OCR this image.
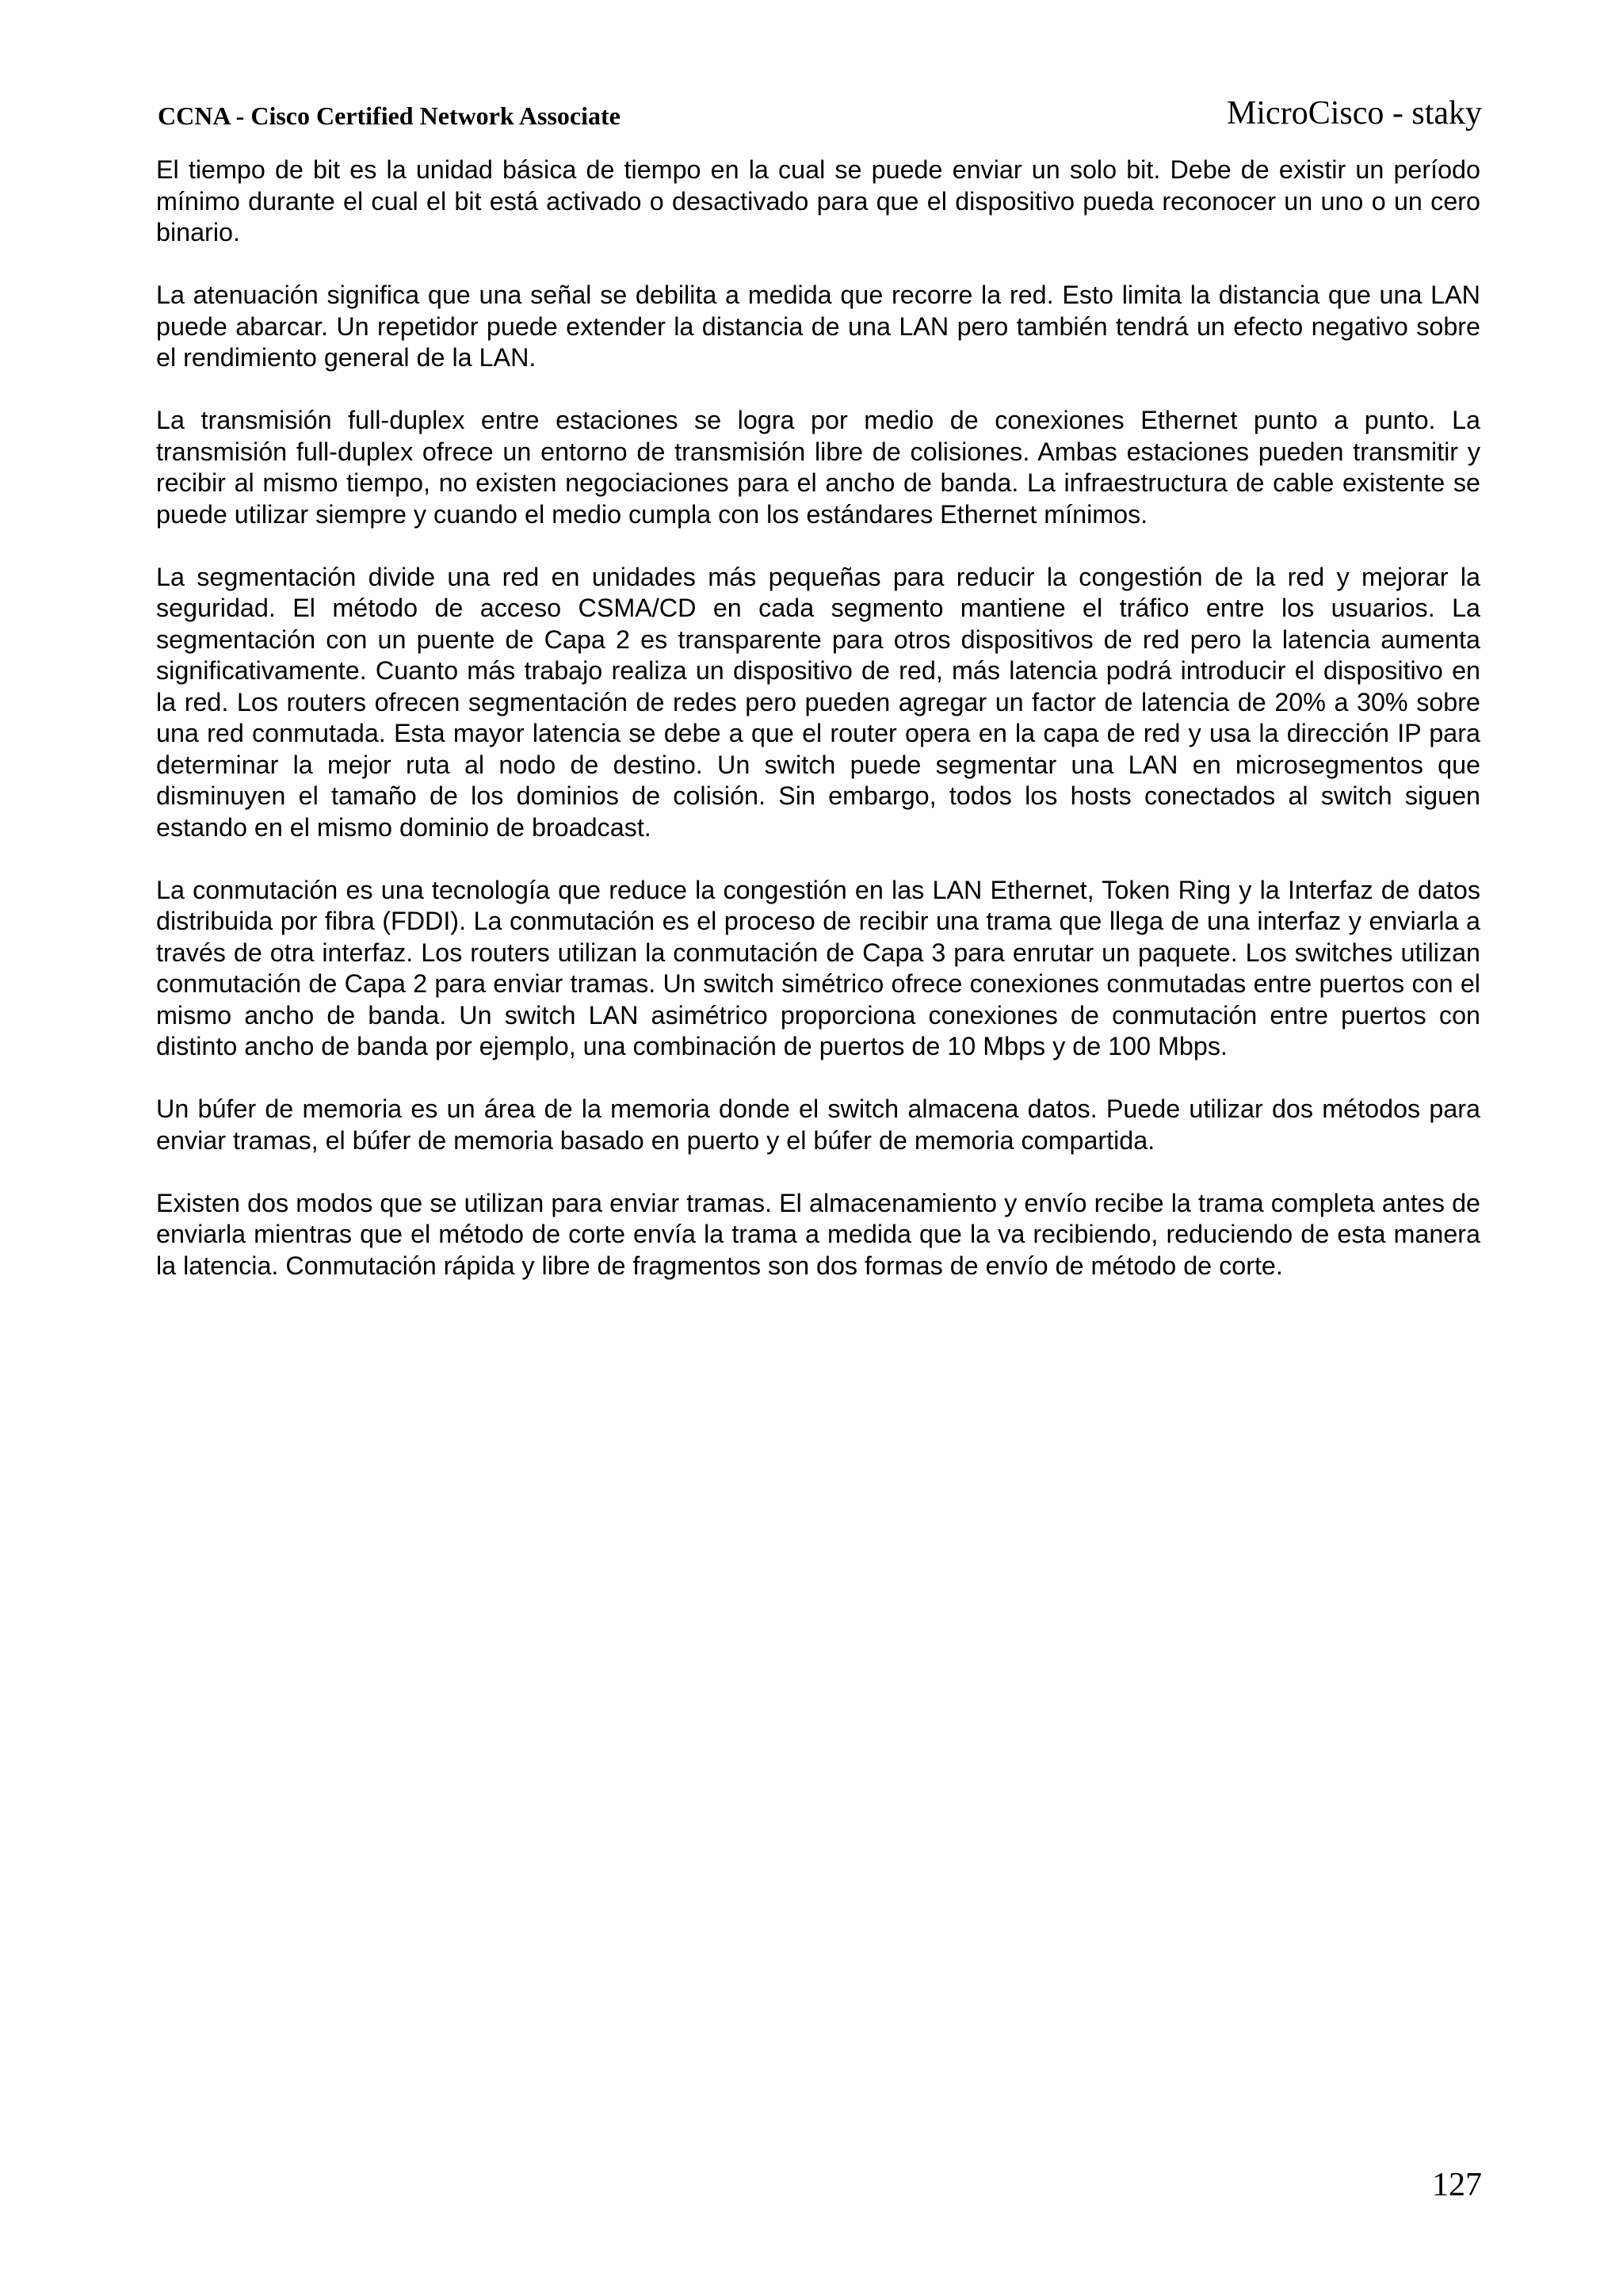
CCNA - Cisco Certified Network Associate	MicroCisco - staky

El tiempo de bit es la unidad básica de tiempo en la cual se puede enviar un solo bit. Debe de existir un período mínimo durante el cual el bit está activado o desactivado para que el dispositivo pueda reconocer un uno o un cero binario.

La atenuación significa que una señal se debilita a medida que recorre la red. Esto limita la distancia que una LAN puede abarcar. Un repetidor puede extender la distancia de una LAN pero también tendrá un efecto negativo sobre el rendimiento general de la LAN.

La transmisión full-duplex entre estaciones se logra por medio de conexiones Ethernet punto a punto. La transmisión full-duplex ofrece un entorno de transmisión libre de colisiones. Ambas estaciones pueden transmitir y recibir al mismo tiempo, no existen negociaciones para el ancho de banda. La infraestructura de cable existente se puede utilizar siempre y cuando el medio cumpla con los estándares Ethernet mínimos.

La segmentación divide una red en unidades más pequeñas para reducir la congestión de la red y mejorar la seguridad. El método de acceso CSMA/CD en cada segmento mantiene el tráfico entre los usuarios. La segmentación con un puente de Capa 2 es transparente para otros dispositivos de red pero la latencia aumenta significativamente. Cuanto más trabajo realiza un dispositivo de red, más latencia podrá introducir el dispositivo en la red. Los routers ofrecen segmentación de redes pero pueden agregar un factor de latencia de 20% a 30% sobre una red conmutada. Esta mayor latencia se debe a que el router opera en la capa de red y usa la dirección IP para determinar la mejor ruta al nodo de destino. Un switch puede segmentar una LAN en microsegmentos que disminuyen el tamaño de los dominios de colisión. Sin embargo, todos los hosts conectados al switch siguen estando en el mismo dominio de broadcast.

La conmutación es una tecnología que reduce la congestión en las LAN Ethernet, Token Ring y la Interfaz de datos distribuida por fibra (FDDI). La conmutación es el proceso de recibir una trama que llega de una interfaz y enviarla a través de otra interfaz. Los routers utilizan la conmutación de Capa 3 para enrutar un paquete. Los switches utilizan conmutación de Capa 2 para enviar tramas. Un switch simétrico ofrece conexiones conmutadas entre puertos con el mismo ancho de banda. Un switch LAN asimétrico proporciona conexiones de conmutación entre puertos con distinto ancho de banda por ejemplo, una combinación de puertos de 10 Mbps y de 100 Mbps.

Un búfer de memoria es un área de la memoria donde el switch almacena datos. Puede utilizar dos métodos para enviar tramas, el búfer de memoria basado en puerto y el búfer de memoria compartida.

Existen dos modos que se utilizan para enviar tramas. El almacenamiento y envío recibe la trama completa antes de enviarla mientras que el método de corte envía la trama a medida que la va recibiendo, reduciendo de esta manera la latencia. Conmutación rápida y libre de fragmentos son dos formas de envío de método de corte.

127
